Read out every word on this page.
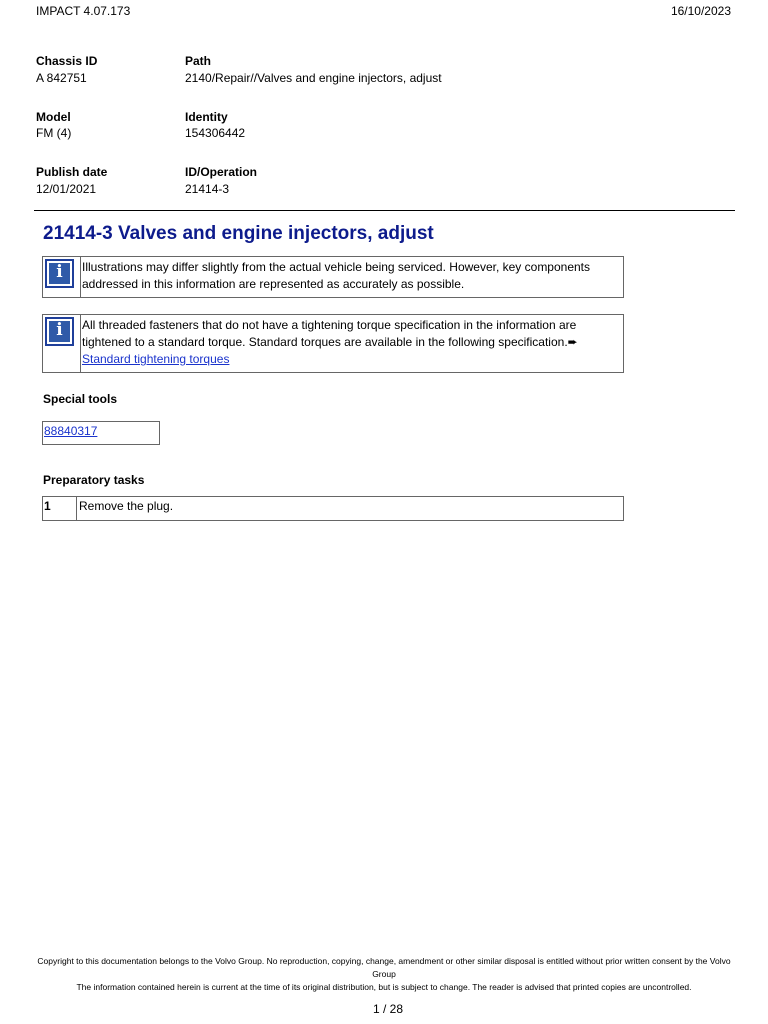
IMPACT 4.07.173	16/10/2023
Chassis ID
A 842751
Path
2140/Repair//Valves and engine injectors, adjust
Model
FM (4)
Identity
154306442
Publish date
12/01/2021
ID/Operation
21414-3
21414-3 Valves and engine injectors, adjust
i	Illustrations may differ slightly from the actual vehicle being serviced. However, key components addressed in this information are represented as accurately as possible.
i	All threaded fasteners that do not have a tightening torque specification in the information are tightened to a standard torque. Standard torques are available in the following specification.➨
Standard tightening torques
Special tools
88840317
Preparatory tasks
1 Remove the plug.
Copyright to this documentation belongs to the Volvo Group. No reproduction, copying, change, amendment or other similar disposal is entitled without prior written consent by the Volvo Group
The information contained herein is current at the time of its original distribution, but is subject to change. The reader is advised that printed copies are uncontrolled.
1 / 28
